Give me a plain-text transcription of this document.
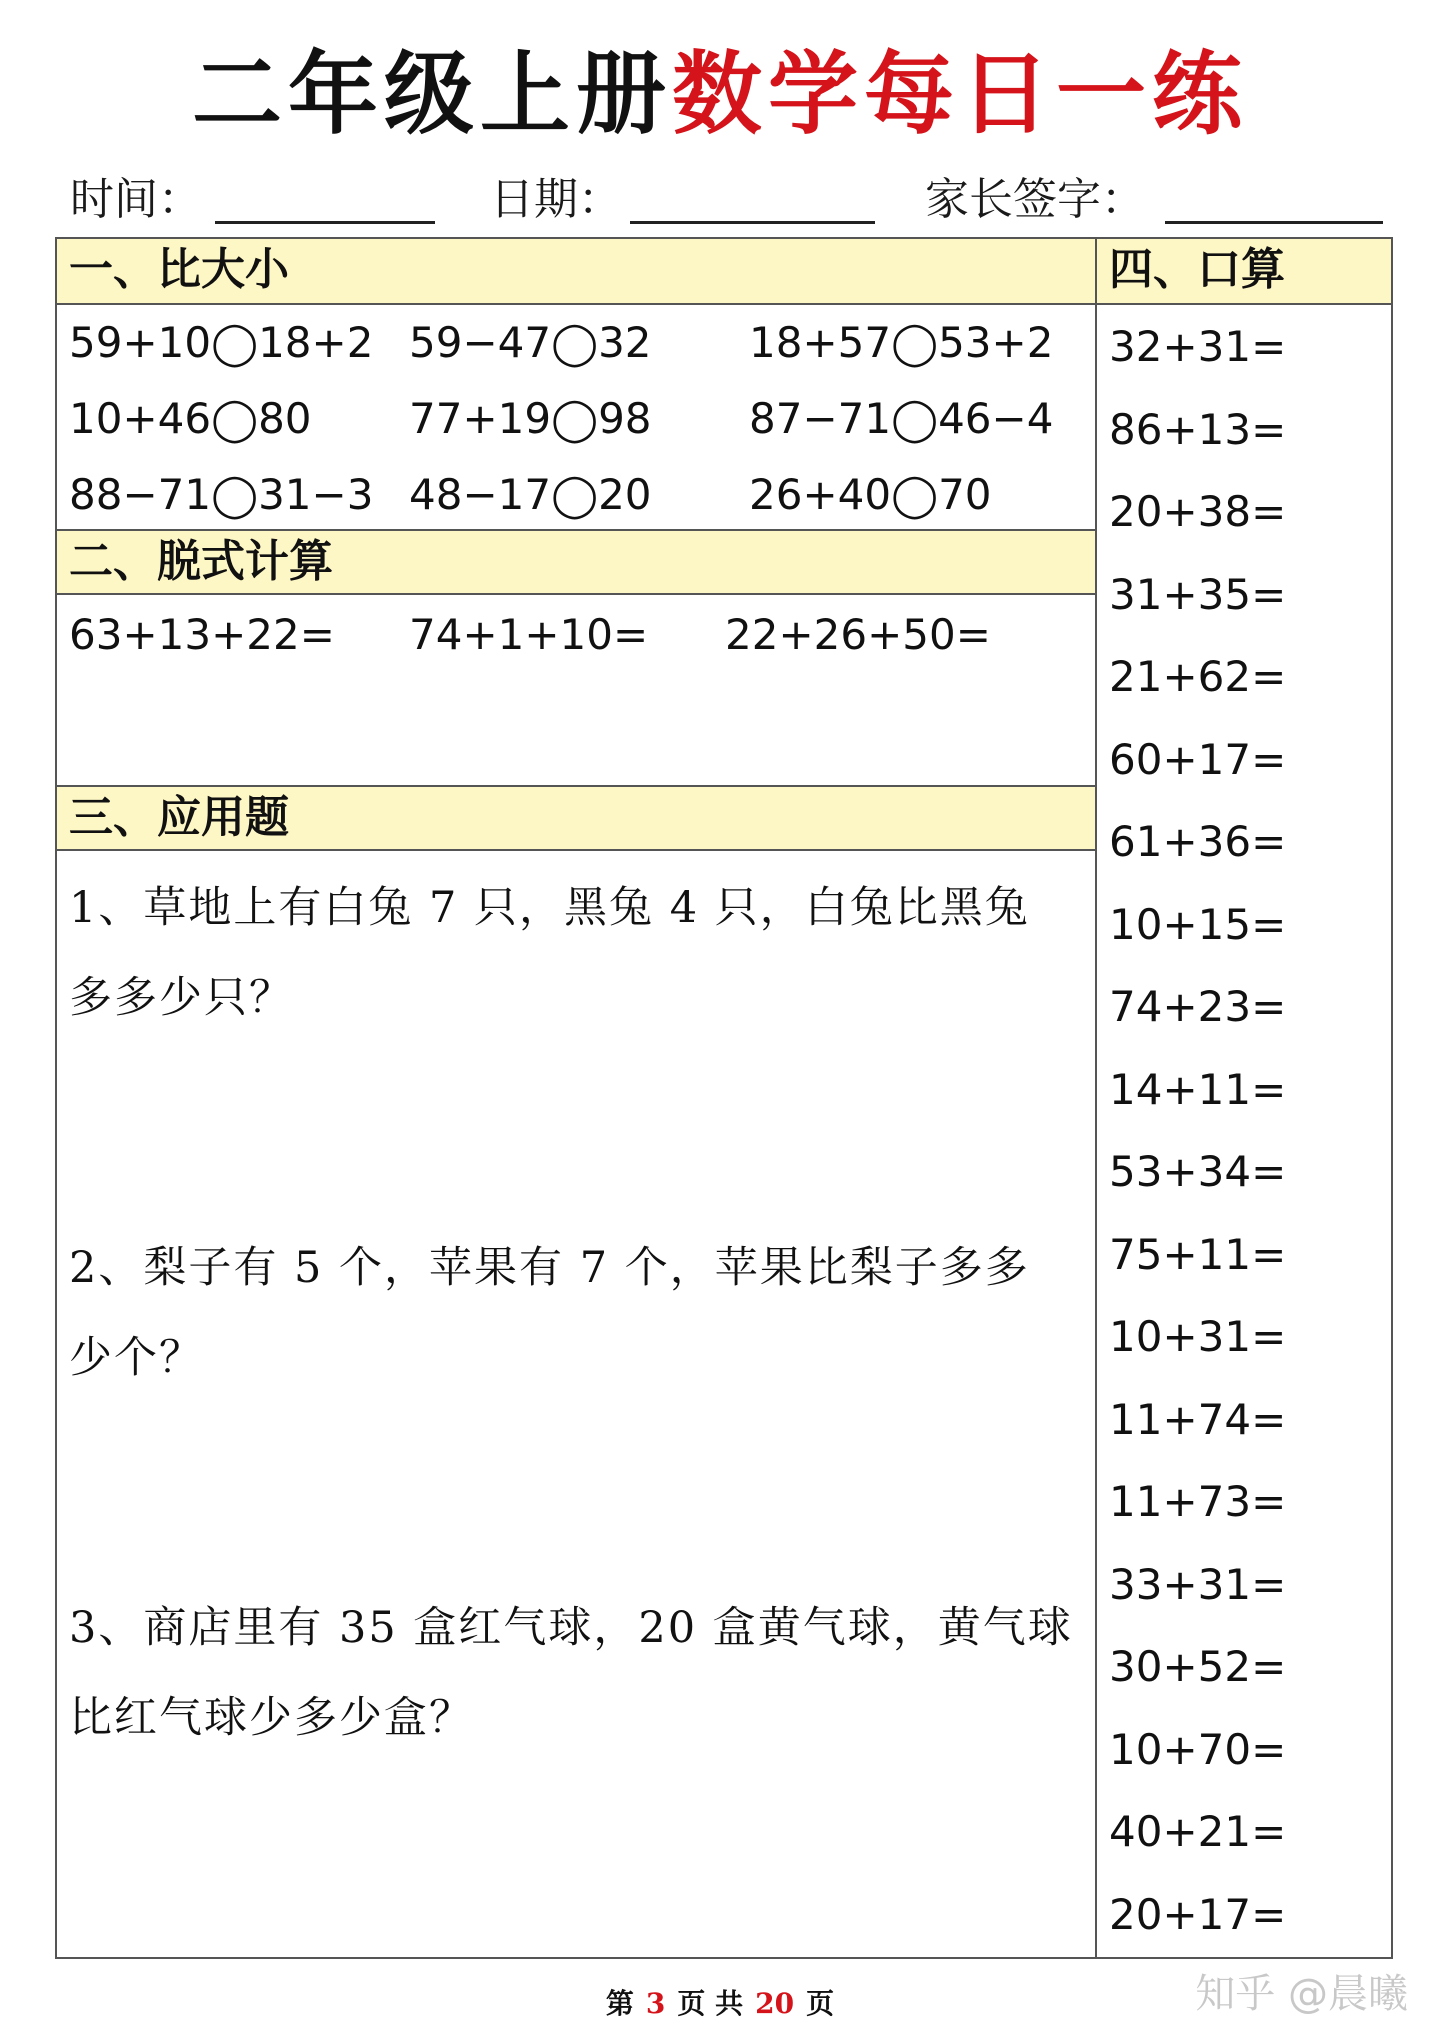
二年级上册数学每日一练
时间：	日期：	家长签字：
一、比大小	四、口算
59+10◯18+2 59−47◯32 18+57◯53+2
10+46◯80 77+19◯98 87−71◯46−4
88−71◯31−3 48−17◯20 26+40◯70
二、脱式计算
63+13+22= 74+1+10= 22+26+50=
三、应用题
1、草地上有白兔 7 只，黑兔 4 只，白兔比黑兔
多多少只？
2、梨子有 5 个，苹果有 7 个，苹果比梨子多多
少个？
3、商店里有 35 盒红气球，20 盒黄气球，黄气球
比红气球少多少盒？
32+31=
86+13=
20+38=
31+35=
21+62=
60+17=
61+36=
10+15=
74+23=
14+11=
53+34=
75+11=
10+31=
11+74=
11+73=
33+31=
30+52=
10+70=
40+21=
20+17=
第 3 页 共 20 页	知乎 @晨曦
